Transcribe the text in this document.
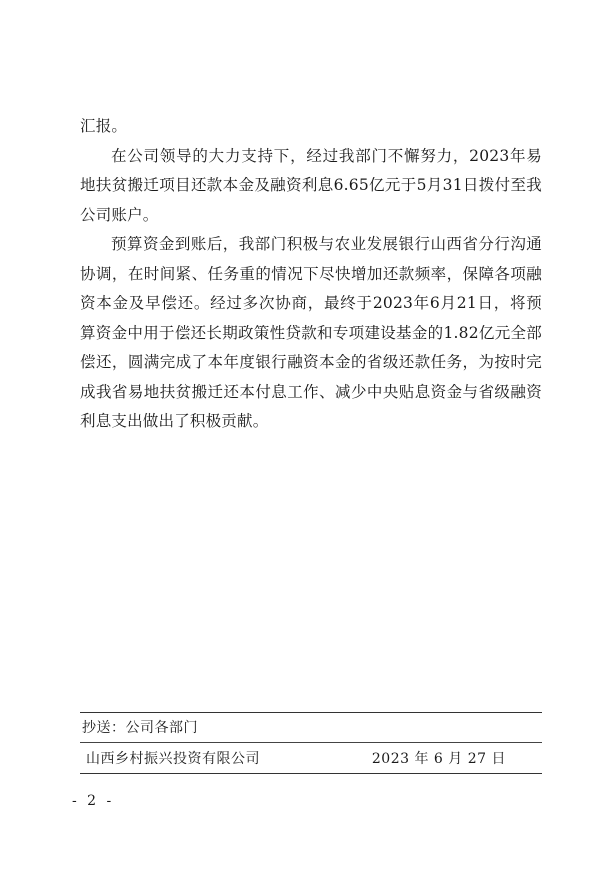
汇报。

在公司领导的大力支持下，经过我部门不懈努力，2023年易地扶贫搬迁项目还款本金及融资利息6.65亿元于5月31日拨付至我公司账户。

预算资金到账后，我部门积极与农业发展银行山西省分行沟通协调，在时间紧、任务重的情况下尽快增加还款频率，保障各项融资本金及早偿还。经过多次协商，最终于2023年6月21日，将预算资金中用于偿还长期政策性贷款和专项建设基金的1.82亿元全部偿还，圆满完成了本年度银行融资本金的省级还款任务，为按时完成我省易地扶贫搬迁还本付息工作、减少中央贴息资金与省级融资利息支出做出了积极贡献。

抄送：公司各部门
山西乡村振兴投资有限公司	2023 年 6 月 27 日
- 2 -
